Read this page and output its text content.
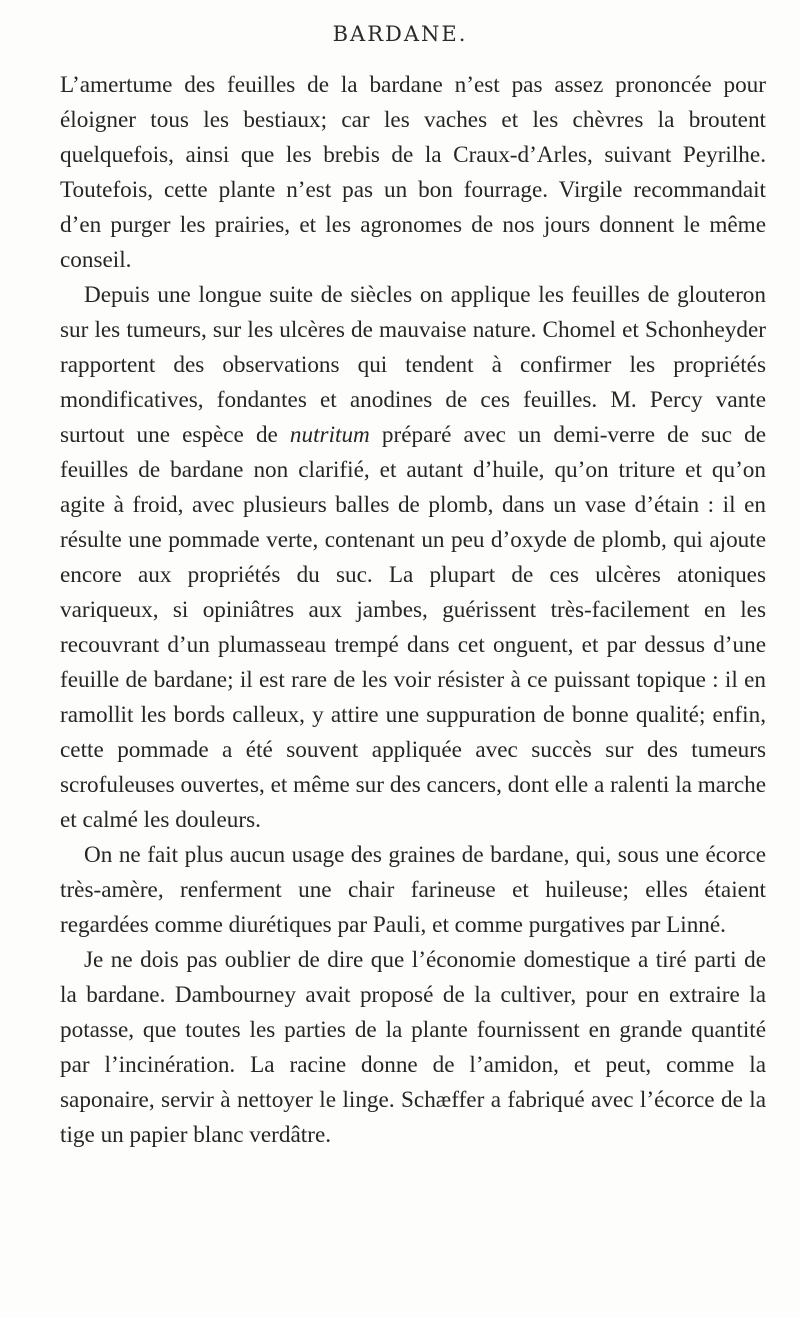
BARDANE.

L’amertume des feuilles de la bardane n’est pas assez prononcée pour éloigner tous les bestiaux; car les vaches et les chèvres la broutent quelquefois, ainsi que les brebis de la Craux-d’Arles, suivant Peyrilhe. Toutefois, cette plante n’est pas un bon fourrage. Virgile recommandait d’en purger les prairies, et les agronomes de nos jours donnent le même conseil.

Depuis une longue suite de siècles on applique les feuilles de glouteron sur les tumeurs, sur les ulcères de mauvaise nature. Chomel et Schonheyder rapportent des observations qui tendent à confirmer les propriétés mondificatives, fondantes et anodines de ces feuilles. M. Percy vante surtout une espèce de nutritum préparé avec un demi-verre de suc de feuilles de bardane non clarifié, et autant d’huile, qu’on triture et qu’on agite à froid, avec plusieurs balles de plomb, dans un vase d’étain : il en résulte une pommade verte, contenant un peu d’oxyde de plomb, qui ajoute encore aux propriétés du suc. La plupart de ces ulcères atoniques variqueux, si opiniâtres aux jambes, guérissent très-facilement en les recouvrant d’un plumasseau trempé dans cet onguent, et par dessus d’une feuille de bardane; il est rare de les voir résister à ce puissant topique : il en ramollit les bords calleux, y attire une suppuration de bonne qualité; enfin, cette pommade a été souvent appliquée avec succès sur des tumeurs scrofuleuses ouvertes, et même sur des cancers, dont elle a ralenti la marche et calmé les douleurs.

On ne fait plus aucun usage des graines de bardane, qui, sous une écorce très-amère, renferment une chair farineuse et huileuse; elles étaient regardées comme diurétiques par Pauli, et comme purgatives par Linné.

Je ne dois pas oublier de dire que l’économie domestique a tiré parti de la bardane. Dambourney avait proposé de la cultiver, pour en extraire la potasse, que toutes les parties de la plante fournissent en grande quantité par l’incinération. La racine donne de l’amidon, et peut, comme la saponaire, servir à nettoyer le linge. Schæffer a fabriqué avec l’écorce de la tige un papier blanc verdâtre.
